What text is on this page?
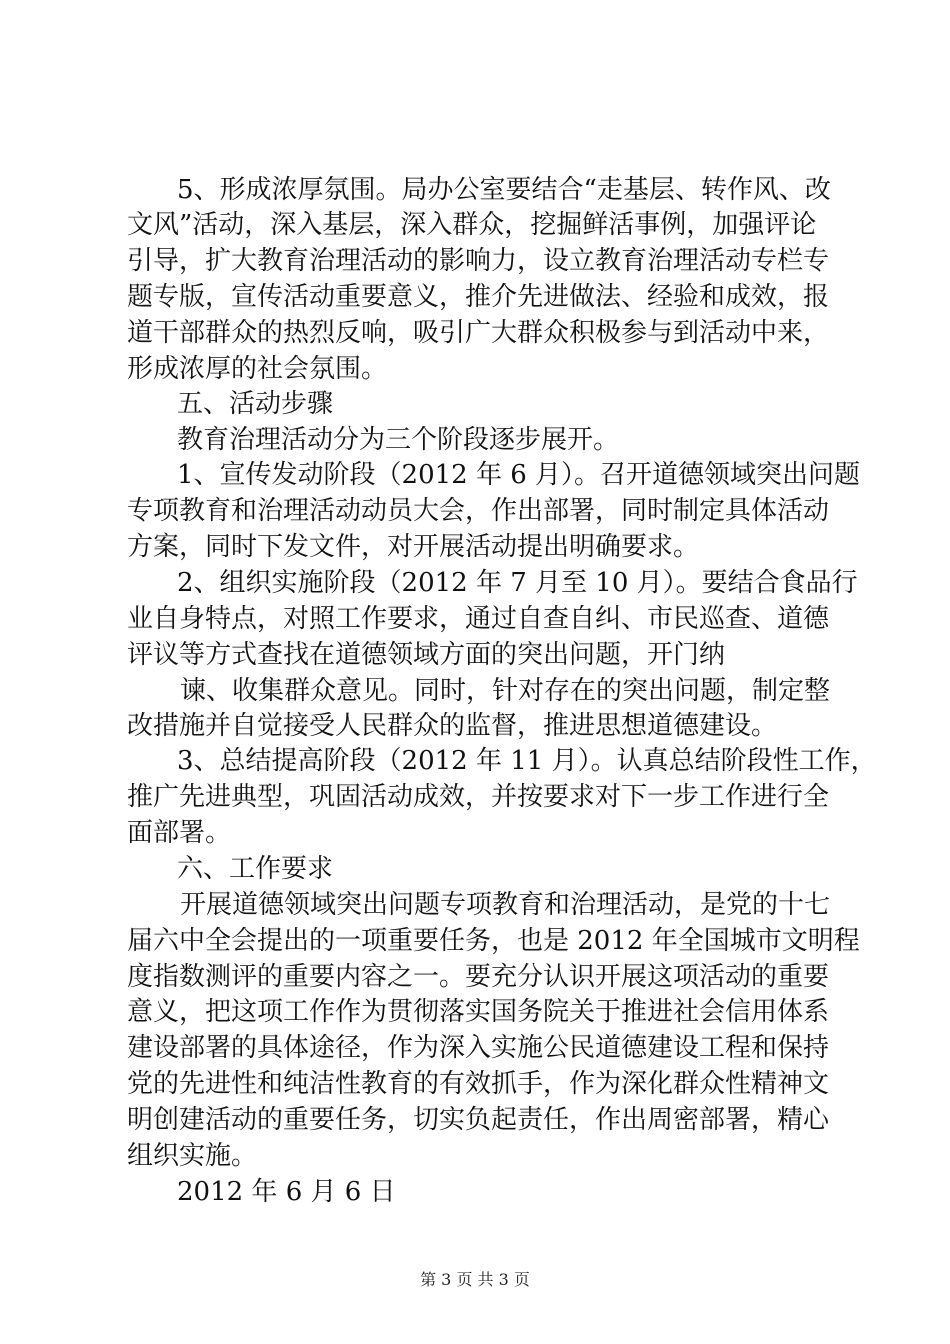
5、形成浓厚氛围。局办公室要结合“走基层、转作风、改
文风”活动，深入基层，深入群众，挖掘鲜活事例，加强评论
引导，扩大教育治理活动的影响力，设立教育治理活动专栏专
题专版，宣传活动重要意义，推介先进做法、经验和成效，报
道干部群众的热烈反响，吸引广大群众积极参与到活动中来，
形成浓厚的社会氛围。
五、活动步骤
教育治理活动分为三个阶段逐步展开。
1、宣传发动阶段（2012 年 6 月）。召开道德领域突出问题
专项教育和治理活动动员大会，作出部署，同时制定具体活动
方案，同时下发文件，对开展活动提出明确要求。
2、组织实施阶段（2012 年 7 月至 10 月）。要结合食品行
业自身特点，对照工作要求，通过自查自纠、市民巡查、道德
评议等方式查找在道德领域方面的突出问题，开门纳
谏、收集群众意见。同时，针对存在的突出问题，制定整
改措施并自觉接受人民群众的监督，推进思想道德建设。
3、总结提高阶段（2012 年 11 月）。认真总结阶段性工作，
推广先进典型，巩固活动成效，并按要求对下一步工作进行全
面部署。
六、工作要求
开展道德领域突出问题专项教育和治理活动，是党的十七
届六中全会提出的一项重要任务，也是 2012 年全国城市文明程
度指数测评的重要内容之一。要充分认识开展这项活动的重要
意义，把这项工作作为贯彻落实国务院关于推进社会信用体系
建设部署的具体途径，作为深入实施公民道德建设工程和保持
党的先进性和纯洁性教育的有效抓手，作为深化群众性精神文
明创建活动的重要任务，切实负起责任，作出周密部署，精心
组织实施。
2012 年 6 月 6 日
第 3 页 共 3 页
